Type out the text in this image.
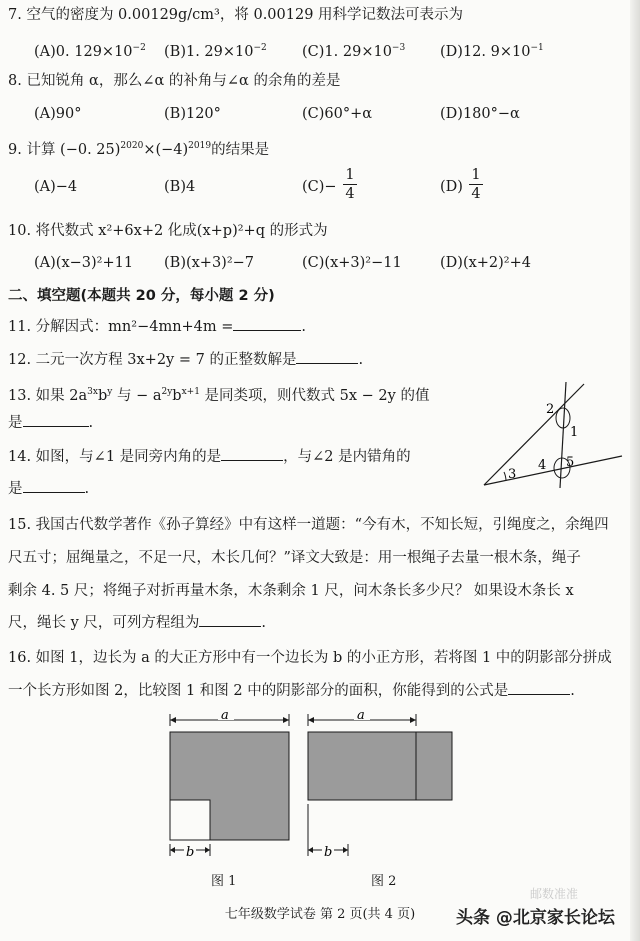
7. 空气的密度为 0.00129g/cm³，将 0.00129 用科学记数法可表示为
(A)0. $129\times 10^{-2}$ (B)1. $29\times 10^{-2}$ (C)1. $29\times 10^{-3}$ (D)12. $9\times 10^{-1}$
8. 已知锐角 α，那么∠α 的补角与∠α 的余角的差是
(A)90°	(B)120°	(C)60°+α	(D)180°−α
9. 计算 (−0. $25)^{2020}\times(-4)^{2019}$的结果是
(A)−4	(B)4	(C)−
1
4	(D)
1
4
10. 将代数式 x²+6x+2 化成(x+p)²+q 的形式为
(A)(x−3)²+11 (B)(x+3)²−7	(C)(x+3)²−11	(D)(x+2)²+4
二、填空题(本题共 20 分，每小题 2 分)
11. 分解因式：mn²−4mn+4m =	.
12. 二元一次方程 3x+2y = 7 的正整数解是	.
13. 如果 $2a^{3x}b^y$ 与 − $a^{2y}b^{x+1}$ 是同类项，则代数式 5x − 2y 的值
是	.
14. 如图，与∠1 是同旁内角的是	，与∠2 是内错角的
是	.
2
1
3
4 5
15. 我国古代数学著作《孙子算经》中有这样一道题：“今有木，不知长短，引绳度之，余绳四
尺五寸；屈绳量之，不足一尺，木长几何？”译文大致是：用一根绳子去量一根木条，绳子
剩余 4. 5 尺；将绳子对折再量木条，木条剩余 1 尺，问木条长多少尺？ 如果设木条长 x
尺，绳长 y 尺，可列方程组为	.
16. 如图 1，边长为 a 的大正方形中有一个边长为 b 的小正方形，若将图 1 中的阴影部分拼成
一个长方形如图 2，比较图 1 和图 2 中的阴影部分的面积，你能得到的公式是	.
a
b
a
b
图 1	图 2
邮数准准
七年级数学试卷 第 2 页(共 4 页)	头条 @北京家长论坛
